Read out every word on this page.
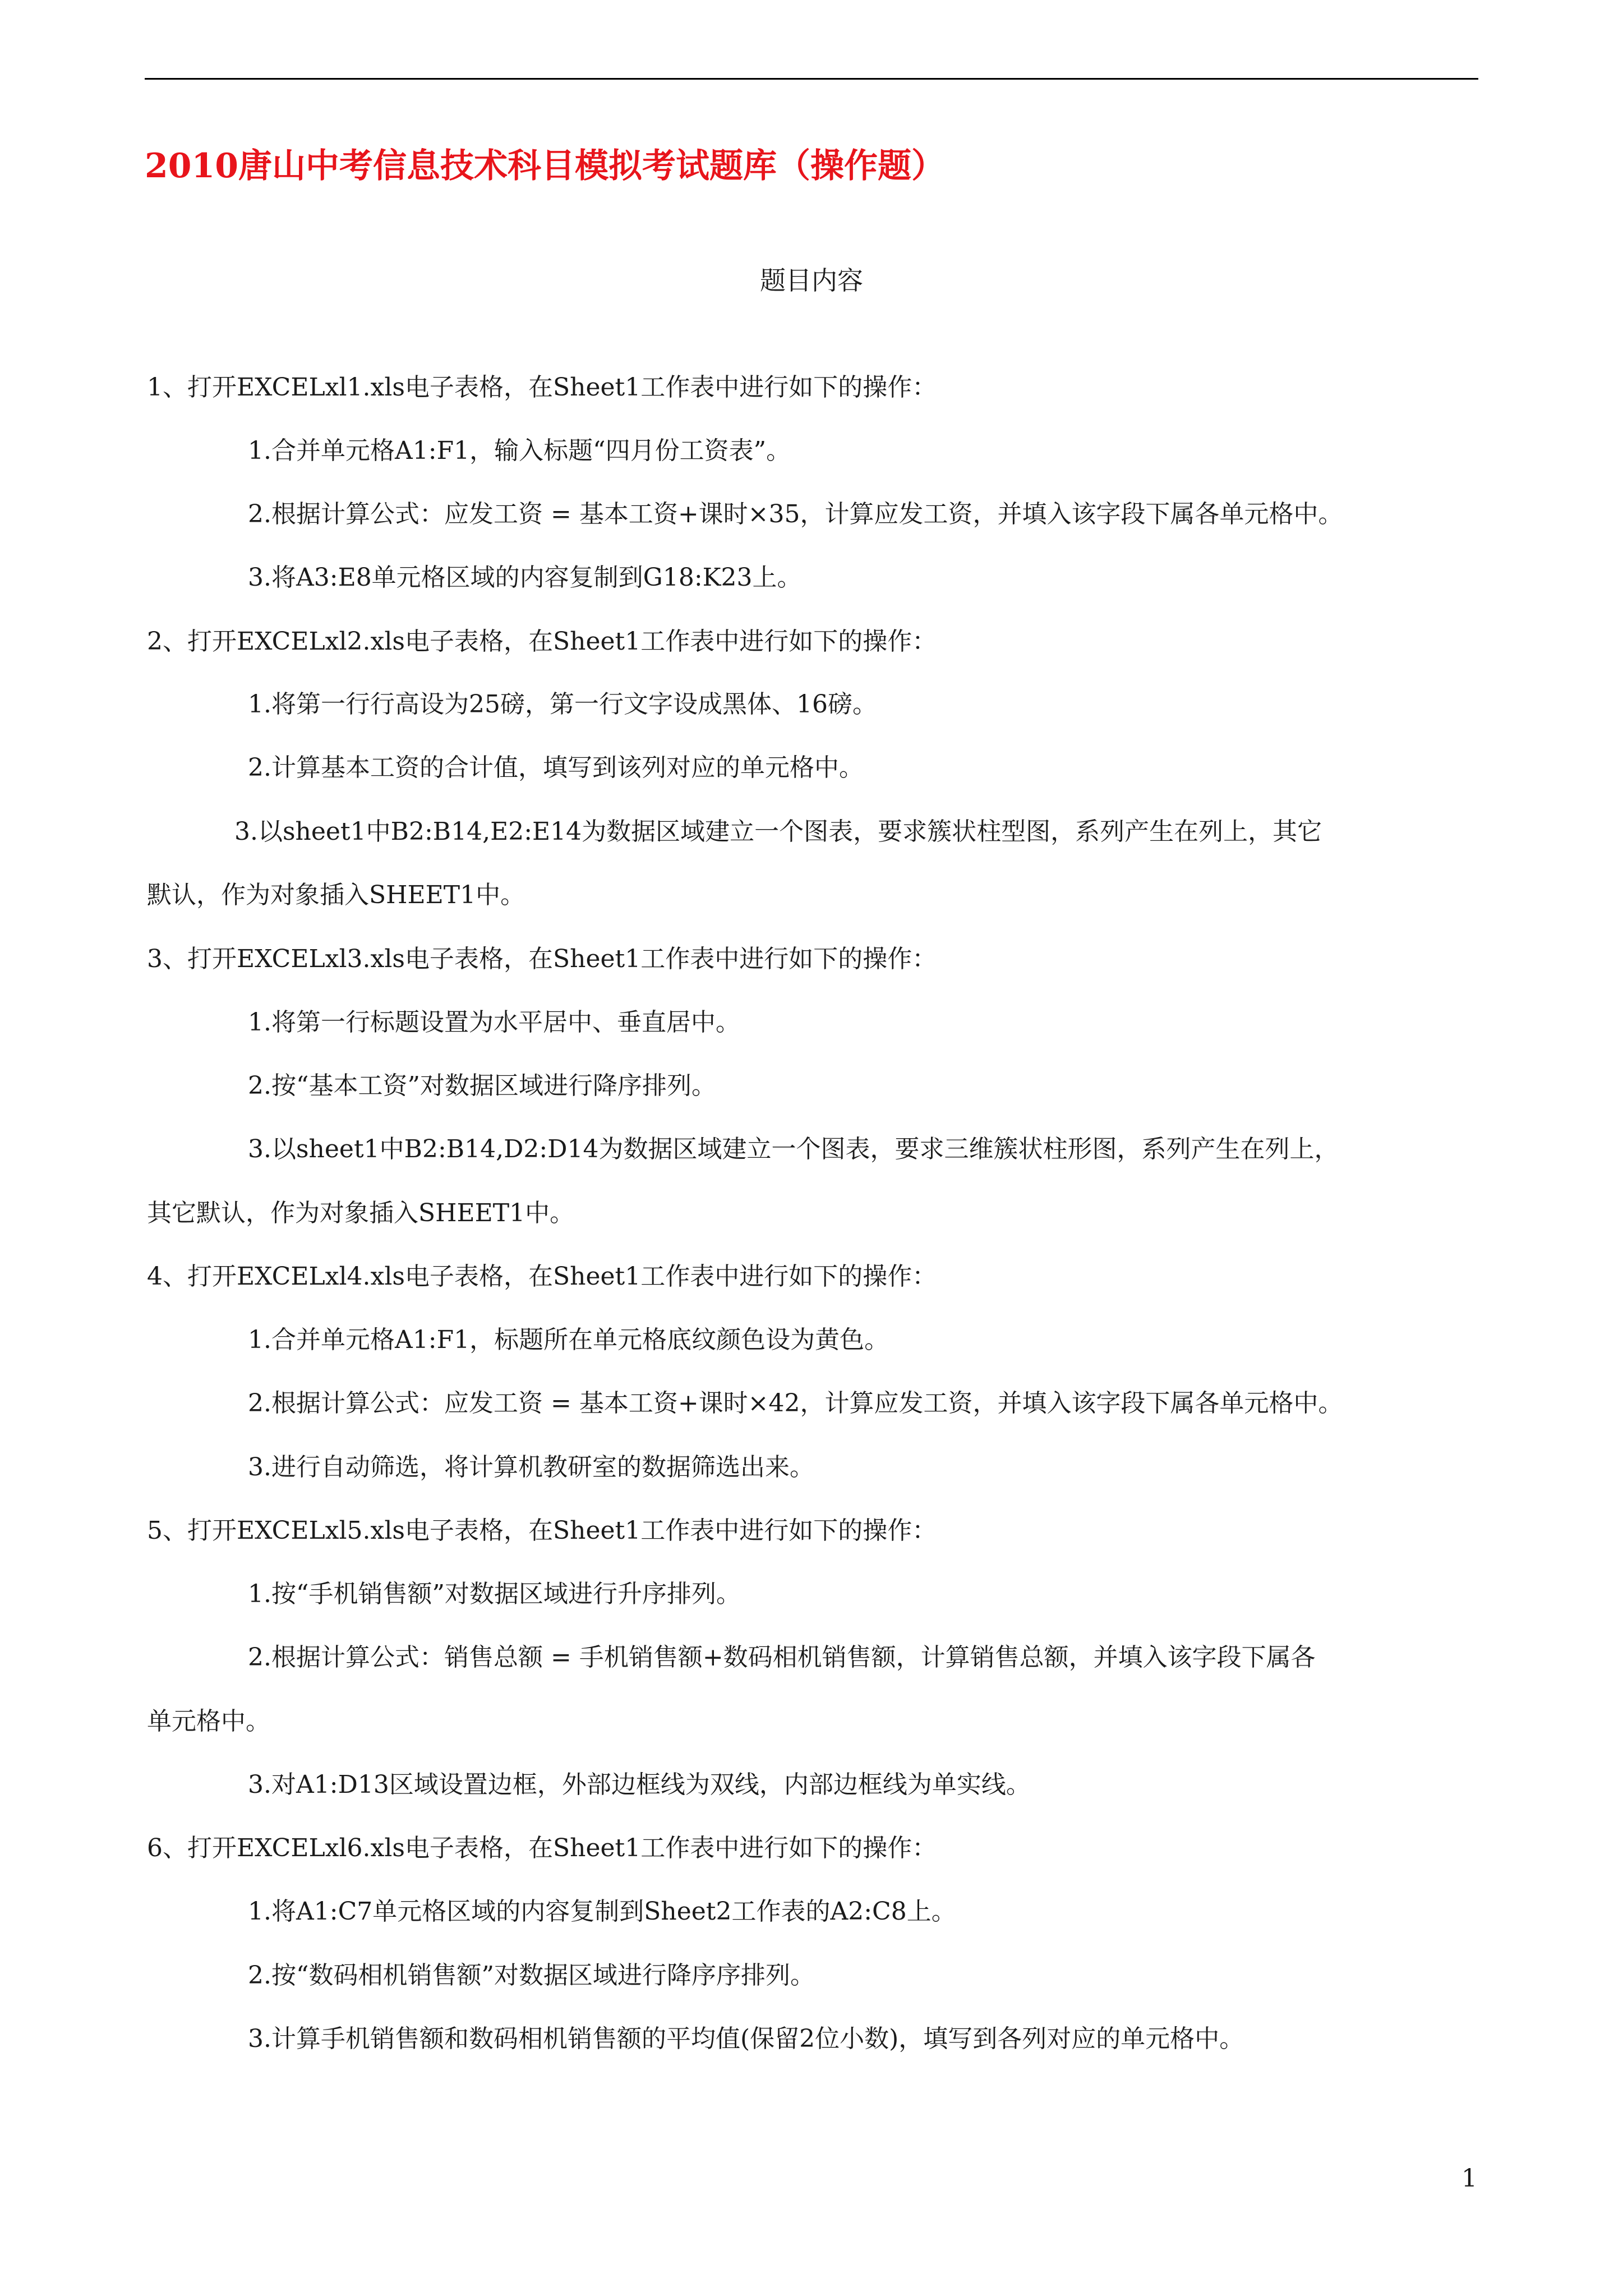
2010唐山中考信息技术科目模拟考试题库（操作题）
题目内容
1、打开EXCELxl1.xls电子表格，在Sheet1工作表中进行如下的操作：
1.合并单元格A1:F1，输入标题“四月份工资表”。
2.根据计算公式：应发工资 = 基本工资+课时×35，计算应发工资，并填入该字段下属各单元格中。
3.将A3:E8单元格区域的内容复制到G18:K23上。
2、打开EXCELxl2.xls电子表格，在Sheet1工作表中进行如下的操作：
1.将第一行行高设为25磅，第一行文字设成黑体、16磅。
2.计算基本工资的合计值，填写到该列对应的单元格中。
3.以sheet1中B2:B14,E2:E14为数据区域建立一个图表，要求簇状柱型图，系列产生在列上，其它
默认，作为对象插入SHEET1中。
3、打开EXCELxl3.xls电子表格，在Sheet1工作表中进行如下的操作：
1.将第一行标题设置为水平居中、垂直居中。
2.按“基本工资”对数据区域进行降序排列。
3.以sheet1中B2:B14,D2:D14为数据区域建立一个图表，要求三维簇状柱形图，系列产生在列上，
其它默认，作为对象插入SHEET1中。
4、打开EXCELxl4.xls电子表格，在Sheet1工作表中进行如下的操作：
1.合并单元格A1:F1，标题所在单元格底纹颜色设为黄色。
2.根据计算公式：应发工资 = 基本工资+课时×42，计算应发工资，并填入该字段下属各单元格中。
3.进行自动筛选，将计算机教研室的数据筛选出来。
5、打开EXCELxl5.xls电子表格，在Sheet1工作表中进行如下的操作：
1.按“手机销售额”对数据区域进行升序排列。
2.根据计算公式：销售总额 = 手机销售额+数码相机销售额，计算销售总额，并填入该字段下属各
单元格中。
3.对A1:D13区域设置边框，外部边框线为双线，内部边框线为单实线。
6、打开EXCELxl6.xls电子表格，在Sheet1工作表中进行如下的操作：
1.将A1:C7单元格区域的内容复制到Sheet2工作表的A2:C8上。
2.按“数码相机销售额”对数据区域进行降序序排列。
3.计算手机销售额和数码相机销售额的平均值(保留2位小数)，填写到各列对应的单元格中。
1
